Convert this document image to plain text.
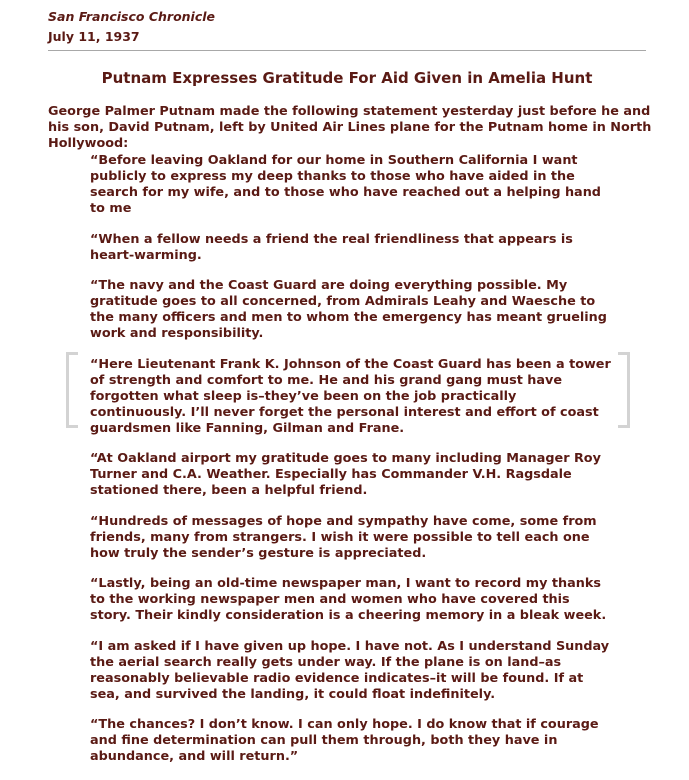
San Francisco Chronicle
July 11, 1937
Putnam Expresses Gratitude For Aid Given in Amelia Hunt
George Palmer Putnam made the following statement yesterday just before he and his son, David Putnam, left by United Air Lines plane for the Putnam home in North Hollywood:

“Before leaving Oakland for our home in Southern California I want publicly to express my deep thanks to those who have aided in the search for my wife, and to those who have reached out a helping hand to me

“When a fellow needs a friend the real friendliness that appears is heart-warming.

“The navy and the Coast Guard are doing everything possible. My gratitude goes to all concerned, from Admirals Leahy and Waesche to the many officers and men to whom the emergency has meant grueling work and responsibility.

“Here Lieutenant Frank K. Johnson of the Coast Guard has been a tower of strength and comfort to me. He and his grand gang must have forgotten what sleep is–they’ve been on the job practically continuously. I’ll never forget the personal interest and effort of coast guardsmen like Fanning, Gilman and Frane.

“At Oakland airport my gratitude goes to many including Manager Roy Turner and C.A. Weather. Especially has Commander V.H. Ragsdale stationed there, been a helpful friend.

“Hundreds of messages of hope and sympathy have come, some from friends, many from strangers. I wish it were possible to tell each one how truly the sender’s gesture is appreciated.

“Lastly, being an old-time newspaper man, I want to record my thanks to the working newspaper men and women who have covered this story. Their kindly consideration is a cheering memory in a bleak week.

“I am asked if I have given up hope. I have not. As I understand Sunday the aerial search really gets under way. If the plane is on land–as reasonably believable radio evidence indicates–it will be found. If at sea, and survived the landing, it could float indefinitely.

“The chances? I don’t know. I can only hope. I do know that if courage and fine determination can pull them through, both they have in abundance, and will return.”
